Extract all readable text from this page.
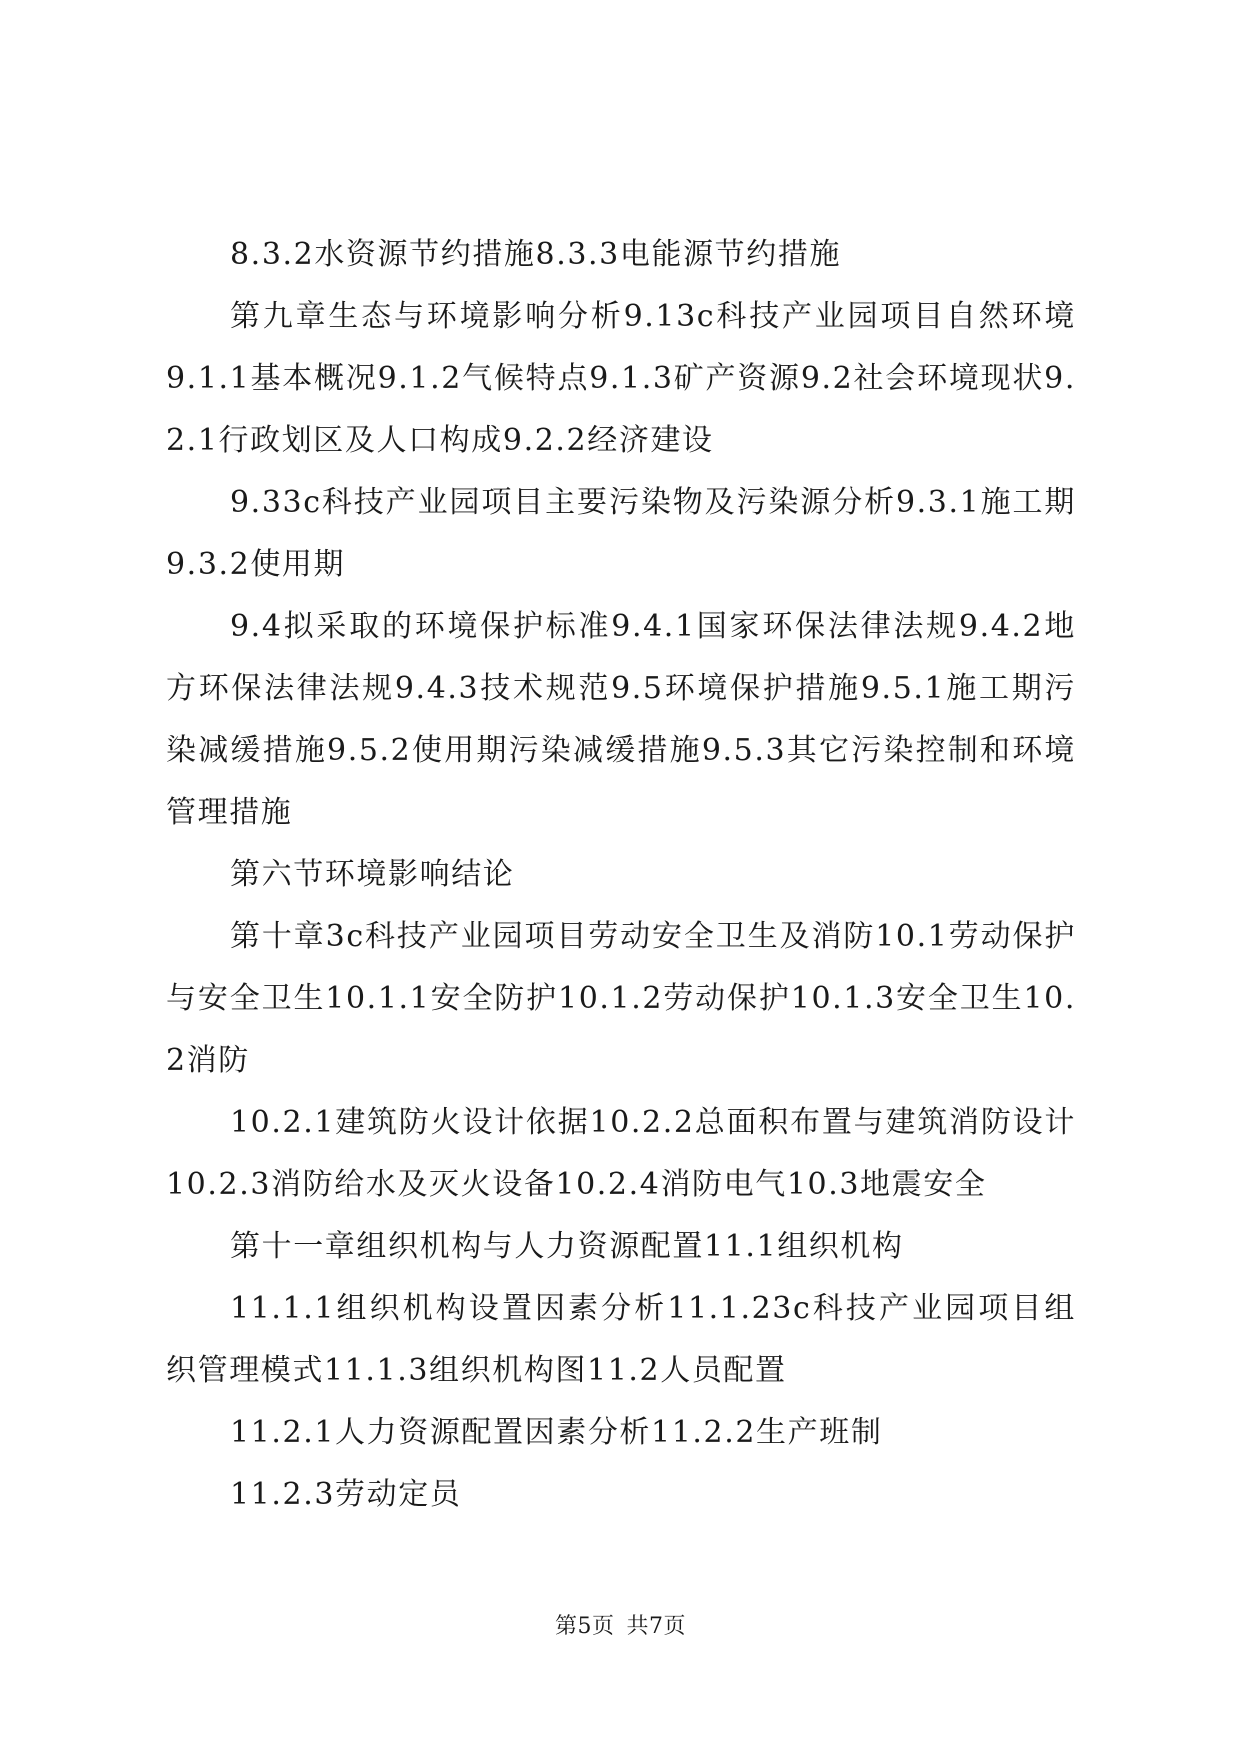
8.3.2水资源节约措施8.3.3电能源节约措施

第九章生态与环境影响分析9.13c科技产业园项目自然环境9.1.1基本概况9.1.2气候特点9.1.3矿产资源9.2社会环境现状9.2.1行政划区及人口构成9.2.2经济建设

9.33c科技产业园项目主要污染物及污染源分析9.3.1施工期9.3.2使用期

9.4拟采取的环境保护标准9.4.1国家环保法律法规9.4.2地方环保法律法规9.4.3技术规范9.5环境保护措施9.5.1施工期污染减缓措施9.5.2使用期污染减缓措施9.5.3其它污染控制和环境管理措施

第六节环境影响结论

第十章3c科技产业园项目劳动安全卫生及消防10.1劳动保护与安全卫生10.1.1安全防护10.1.2劳动保护10.1.3安全卫生10.2消防

10.2.1建筑防火设计依据10.2.2总面积布置与建筑消防设计10.2.3消防给水及灭火设备10.2.4消防电气10.3地震安全

第十一章组织机构与人力资源配置11.1组织机构

11.1.1组织机构设置因素分析11.1.23c科技产业园项目组织管理模式11.1.3组织机构图11.2人员配置

11.2.1人力资源配置因素分析11.2.2生产班制

11.2.3劳动定员

第5页 共7页
